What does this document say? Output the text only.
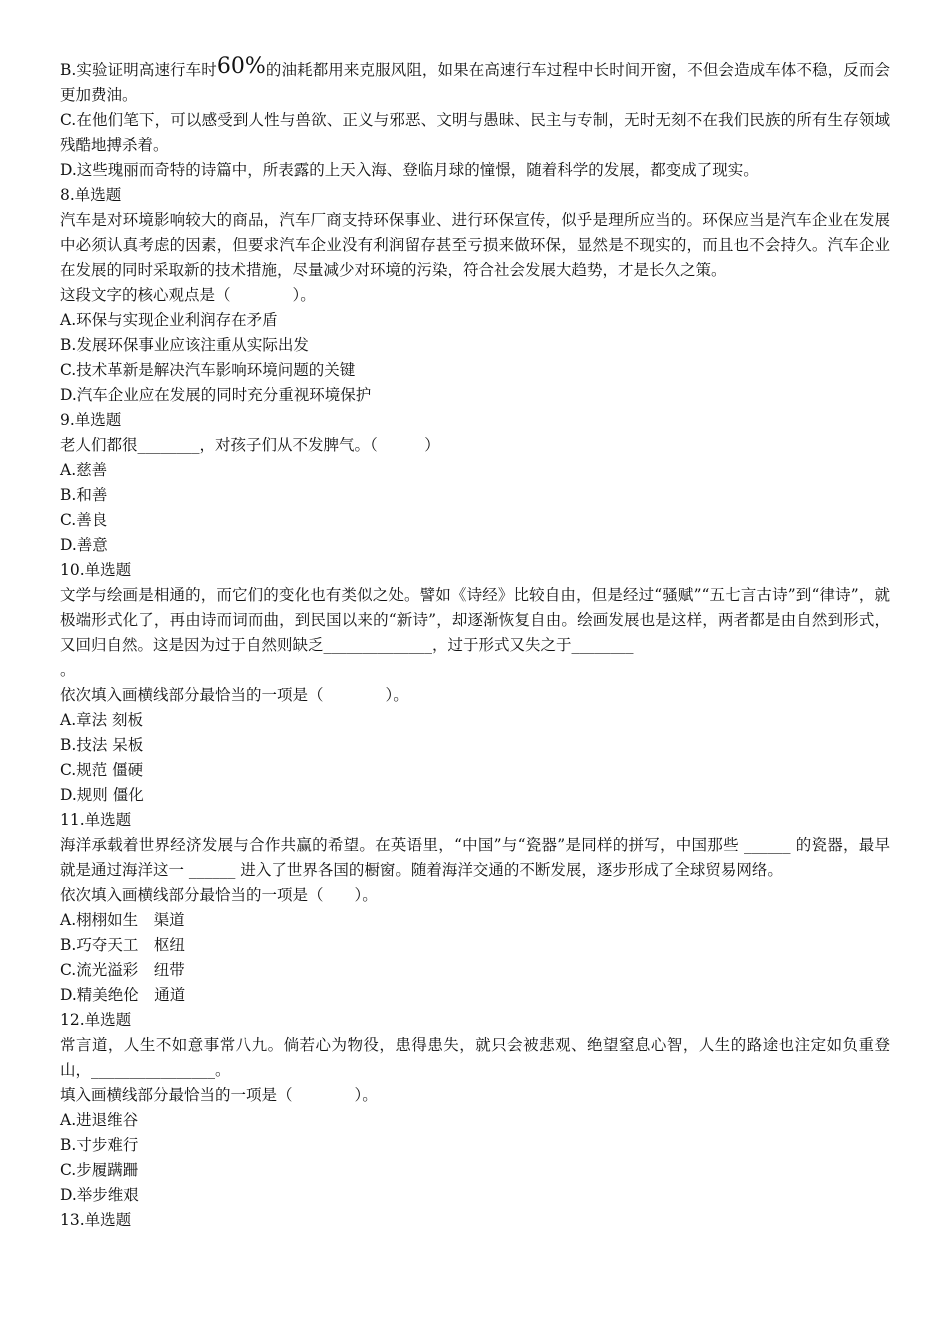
B.实验证明高速行车时60%的油耗都用来克服风阻，如果在高速行车过程中长时间开窗，不但会造成车体不稳，反而会更加费油。
C.在他们笔下，可以感受到人性与兽欲、正义与邪恶、文明与愚昧、民主与专制，无时无刻不在我们民族的所有生存领域残酷地搏杀着。
D.这些瑰丽而奇特的诗篇中，所表露的上天入海、登临月球的憧憬，随着科学的发展，都变成了现实。
8.单选题
汽车是对环境影响较大的商品，汽车厂商支持环保事业、进行环保宣传，似乎是理所应当的。环保应当是汽车企业在发展中必须认真考虑的因素，但要求汽车企业没有利润留存甚至亏损来做环保，显然是不现实的，而且也不会持久。汽车企业在发展的同时采取新的技术措施，尽量减少对环境的污染，符合社会发展大趋势，才是长久之策。
这段文字的核心观点是（　　　　）。
A.环保与实现企业利润存在矛盾
B.发展环保事业应该注重从实际出发
C.技术革新是解决汽车影响环境问题的关键
D.汽车企业应在发展的同时充分重视环境保护
9.单选题
老人们都很________，对孩子们从不发脾气。（　　　）
A.慈善
B.和善
C.善良
D.善意
10.单选题
文学与绘画是相通的，而它们的变化也有类似之处。譬如《诗经》比较自由，但是经过“骚赋”“五七言古诗”到“律诗”，就极端形式化了，再由诗而词而曲，到民国以来的“新诗”，却逐渐恢复自由。绘画发展也是这样，两者都是由自然到形式，又回归自然。这是因为过于自然则缺乏______________，过于形式又失之于________
。
依次填入画横线部分最恰当的一项是（　　　　）。
A.章法 刻板
B.技法 呆板
C.规范 僵硬
D.规则 僵化
11.单选题
海洋承载着世界经济发展与合作共赢的希望。在英语里，“中国”与“瓷器”是同样的拼写，中国那些 ______ 的瓷器，最早就是通过海洋这一 ______ 进入了世界各国的橱窗。随着海洋交通的不断发展，逐步形成了全球贸易网络。
依次填入画横线部分最恰当的一项是（　　）。
A.栩栩如生　渠道
B.巧夺天工　枢纽
C.流光溢彩　纽带
D.精美绝伦　通道
12.单选题
常言道，人生不如意事常八九。倘若心为物役，患得患失，就只会被悲观、绝望窒息心智，人生的路途也注定如负重登山，________________。
填入画横线部分最恰当的一项是（　　　　）。
A.进退维谷
B.寸步难行
C.步履蹒跚
D.举步维艰
13.单选题
